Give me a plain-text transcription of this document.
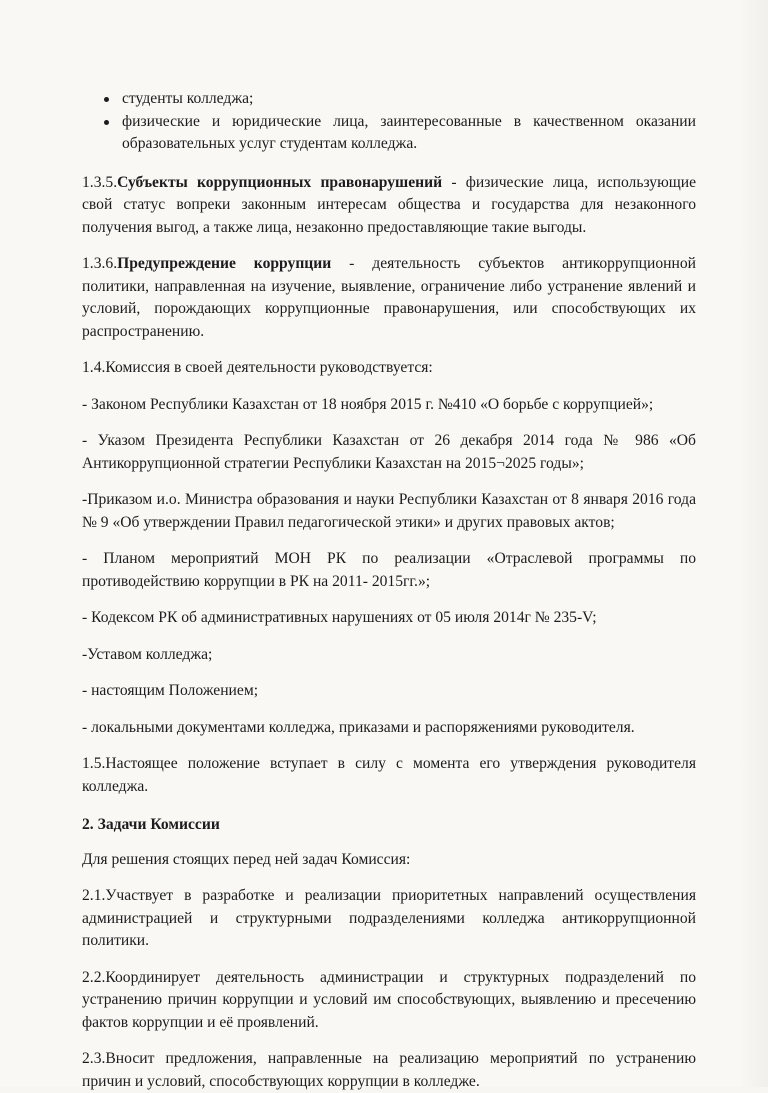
студенты колледжа;
физические и юридические лица, заинтересованные в качественном оказании образовательных услуг студентам колледжа.

1.3.5.Субъекты коррупционных правонарушений - физические лица, использующие свой статус вопреки законным интересам общества и государства для незаконного получения выгод, а также лица, незаконно предоставляющие такие выгоды.

1.3.6.Предупреждение коррупции - деятельность субъектов антикоррупционной политики, направленная на изучение, выявление, ограничение либо устранение явлений и условий, порождающих коррупционные правонарушения, или способствующих их распространению.

1.4.Комиссия в своей деятельности руководствуется:

- Законом Республики Казахстан от 18 ноября 2015 г. №410 «О борьбе с коррупцией»;

- Указом Президента Республики Казахстан от 26 декабря 2014 года № 986 «Об Антикоррупционной стратегии Республики Казахстан на 2015¬2025 годы»;

-Приказом и.о. Министра образования и науки Республики Казахстан от 8 января 2016 года № 9 «Об утверждении Правил педагогической этики» и других правовых актов;

- Планом мероприятий МОН РК по реализации «Отраслевой программы по противодействию коррупции в РК на 2011- 2015гг.»;

- Кодексом РК об административных нарушениях от 05 июля 2014г № 235-V;

-Уставом колледжа;

- настоящим Положением;

- локальными документами колледжа, приказами и распоряжениями руководителя.

1.5.Настоящее положение вступает в силу с момента его утверждения руководителя колледжа.

2. Задачи Комиссии

Для решения стоящих перед ней задач Комиссия:

2.1.Участвует в разработке и реализации приоритетных направлений осуществления администрацией и структурными подразделениями колледжа антикоррупционной политики.

2.2.Координирует деятельность администрации и структурных подразделений по устранению причин коррупции и условий им способствующих, выявлению и пресечению фактов коррупции и её проявлений.

2.3.Вносит предложения, направленные на реализацию мероприятий по устранению причин и условий, способствующих коррупции в колледже.
